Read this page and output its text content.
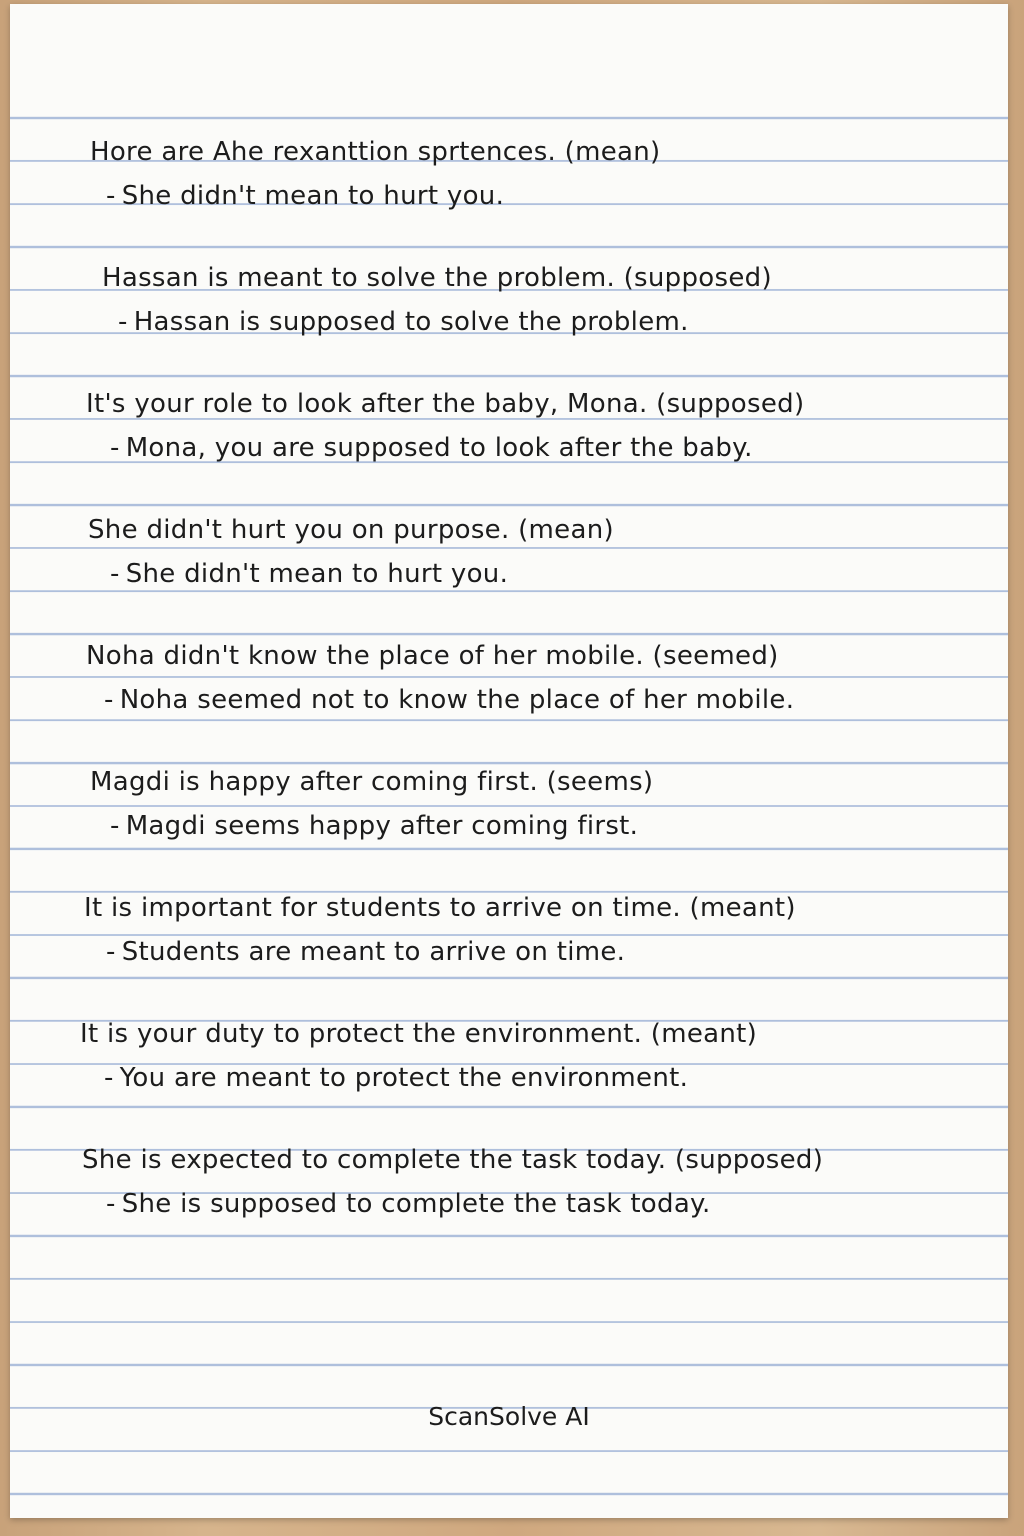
Hore are Ahe rexanttion sprtences. (mean)
- She didn't mean to hurt you.
Hassan is meant to solve the problem. (supposed)
- Hassan is supposed to solve the problem.
It's your role to look after the baby, Mona. (supposed)
- Mona, you are supposed to look after the baby.
She didn't hurt you on purpose. (mean)
- She didn't mean to hurt you.
Noha didn't know the place of her mobile. (seemed)
- Noha seemed not to know the place of her mobile.
Magdi is happy after coming first. (seems)
- Magdi seems happy after coming first.
It is important for students to arrive on time. (meant)
- Students are meant to arrive on time.
It is your duty to protect the environment. (meant)
- You are meant to protect the environment.
She is expected to complete the task today. (supposed)
- She is supposed to complete the task today.
ScanSolve AI
